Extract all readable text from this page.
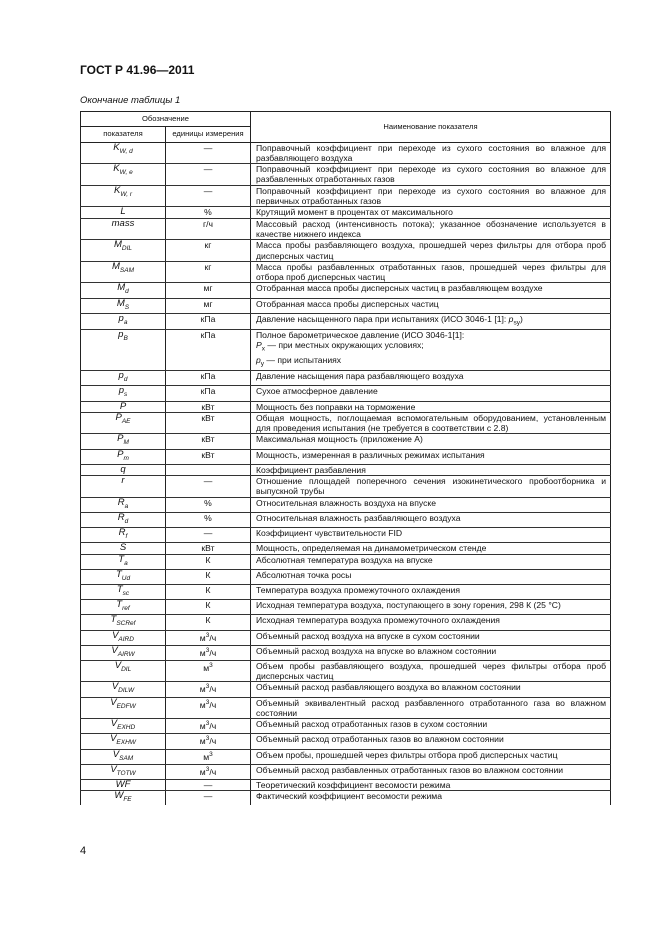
ГОСТ Р 41.96—2011
Окончание таблицы 1
Обозначение		Наименование показателя
показателя	единицы измерения	
$K_{W, d}$	—	Поправочный коэффициент при переходе из сухого состояния во влажное для разбавляющего воздуха
$K_{W, e}$	—	Поправочный коэффициент при переходе из сухого состояния во влажное для разбавленных отработанных газов
$K_{W, r}$	—	Поправочный коэффициент при переходе из сухого состояния во влажное для первичных отработанных газов
L	%	Крутящий момент в процентах от максимального
mass	г/ч	Массовый расход (интенсивность потока); указанное обозначение используется в качестве нижнего индекса
$M_{DIL}$	кг	Масса пробы разбавляющего воздуха, прошедшей через фильтры для отбора проб дисперсных частиц
$M_{SAM}$	кг	Масса пробы разбавленных отработанных газов, прошедшей через фильтры для отбора проб дисперсных частиц
$M_d$	мг	Отобранная масса пробы дисперсных частиц в разбавляющем воздухе
$M_S$	мг	Отобранная масса пробы дисперсных частиц
$p_a$	кПа	Давление насыщенного пара при испытаниях (ИСО 3046-1 [1]: $p_{sy}$)
$p_B$	кПа	Полное барометрическое давление (ИСО 3046-1[1]:
$P_x$ — при местных окружающих условиях;
$p_y$ — при испытаниях
$p_d$	кПа	Давление насыщения пара разбавляющего воздуха
$p_s$	кПа	Сухое атмосферное давление
P	кВт	Мощность без поправки на торможение
$P_{AE}$	кВт	Общая мощность, поглощаемая вспомогательным оборудованием, установленным для проведения испытания (не требуется в соответствии с 2.8)
$P_M$	кВт	Максимальная мощность (приложение А)
$P_m$	кВт	Мощность, измеренная в различных режимах испытания
q		Коэффициент разбавления
r	—	Отношение площадей поперечного сечения изокинетического пробоотборника и выпускной трубы
$R_a$	%	Относительная влажность воздуха на впуске
$R_d$	%	Относительная влажность разбавляющего воздуха
$R_f$	—	Коэффициент чувствительности FID
S	кВт	Мощность, определяемая на динамометрическом стенде
$T_a$	К	Абсолютная температура воздуха на впуске
$T_{Ud}$	К	Абсолютная точка росы
$T_{sc}$	К	Температура воздуха промежуточного охлаждения
$T_{ref}$	К	Исходная температура воздуха, поступающего в зону горения, 298 К (25 °С)
$T_{SCRef}$	К	Исходная температура воздуха промежуточного охлаждения
$V_{AIRD}$	$м^3/ч$	Объемный расход воздуха на впуске в сухом состоянии
$V_{AIRW}$	$м^3/ч$	Объемный расход воздуха на впуске во влажном состоянии
$V_{DIL}$	$м^3$	Объем пробы разбавляющего воздуха, прошедшей через фильтры отбора проб дисперсных частиц
$V_{DILW}$	$м^3/ч$	Объемный расход разбавляющего воздуха во влажном состоянии
$V_{EDFW}$	$м^3/ч$	Объемный эквивалентный расход разбавленного отработанного газа во влажном состоянии
$V_{EXHD}$	$м^3/ч$	Объемный расход отработанных газов в сухом состоянии
$V_{EXHW}$	$м^3/ч$	Объемный расход отработанных газов во влажном состоянии
$V_{SAM}$	$м^3$	Объем пробы, прошедшей через фильтры отбора проб дисперсных частиц
$V_{TOTW}$	$м^3/ч$	Объемный расход разбавленных отработанных газов во влажном состоянии
WF	—	Теоретический коэффициент весомости режима
$W_{FE}$	—	Фактический коэффициент весомости режима
4
